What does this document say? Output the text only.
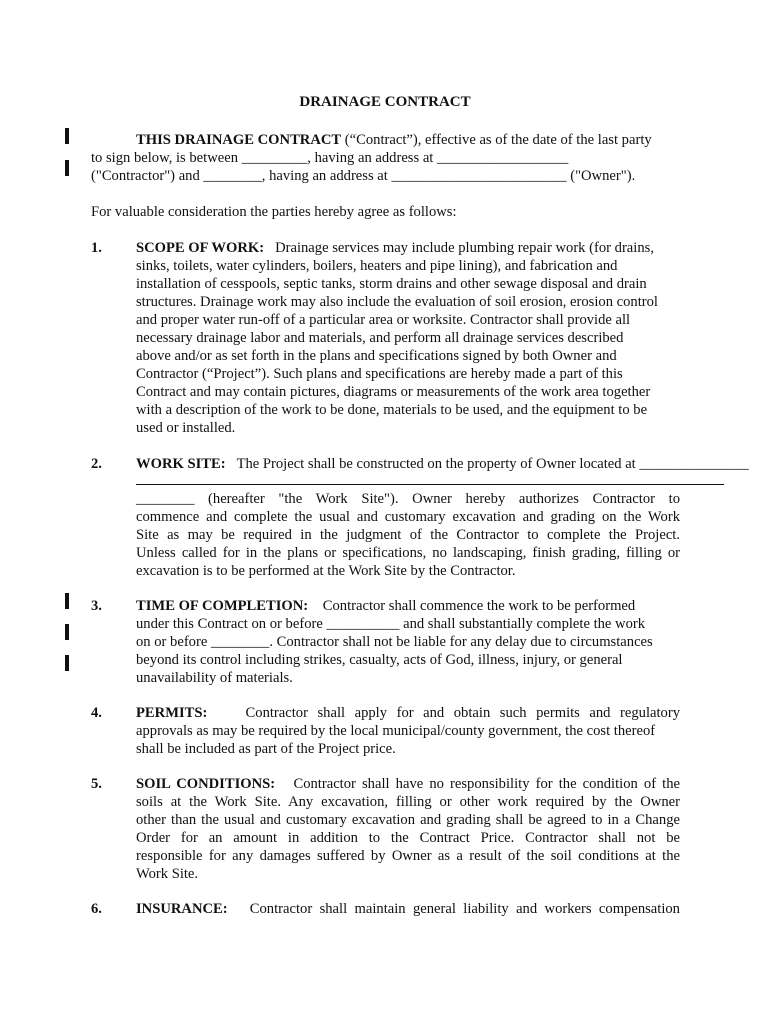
DRAINAGE CONTRACT
THIS DRAINAGE CONTRACT (“Contract”), effective as of the date of the last party
to sign below, is between _________, having an address at __________________
("Contractor") and ________, having an address at ________________________ ("Owner").
For valuable consideration the parties hereby agree as follows:
1. SCOPE OF WORK: Drainage services may include plumbing repair work (for drains,
sinks, toilets, water cylinders, boilers, heaters and pipe lining), and fabrication and
installation of cesspools, septic tanks, storm drains and other sewage disposal and drain
structures. Drainage work may also include the evaluation of soil erosion, erosion control
and proper water run-off of a particular area or worksite. Contractor shall provide all
necessary drainage labor and materials, and perform all drainage services described
above and/or as set forth in the plans and specifications signed by both Owner and
Contractor (“Project”). Such plans and specifications are hereby made a part of this
Contract and may contain pictures, diagrams or measurements of the work area together
with a description of the work to be done, materials to be used, and the equipment to be
used or installed.
2. WORK SITE: The Project shall be constructed on the property of Owner located at _______________
________ (hereafter "the Work Site"). Owner hereby authorizes Contractor to
commence and complete the usual and customary excavation and grading on the Work
Site as may be required in the judgment of the Contractor to complete the Project.
Unless called for in the plans or specifications, no landscaping, finish grading, filling or
excavation is to be performed at the Work Site by the Contractor.
3. TIME OF COMPLETION: Contractor shall commence the work to be performed
under this Contract on or before __________ and shall substantially complete the work
on or before ________. Contractor shall not be liable for any delay due to circumstances
beyond its control including strikes, casualty, acts of God, illness, injury, or general
unavailability of materials.
4. PERMITS:	Contractor shall apply for and obtain such permits and regulatory
approvals as may be required by the local municipal/county government, the cost thereof
shall be included as part of the Project price.
5. SOIL CONDITIONS: Contractor shall have no responsibility for the condition of the
soils at the Work Site. Any excavation, filling or other work required by the Owner
other than the usual and customary excavation and grading shall be agreed to in a Change
Order for an amount in addition to the Contract Price. Contractor shall not be
responsible for any damages suffered by Owner as a result of the soil conditions at the
Work Site.
6. INSURANCE: Contractor shall maintain general liability and workers compensation
